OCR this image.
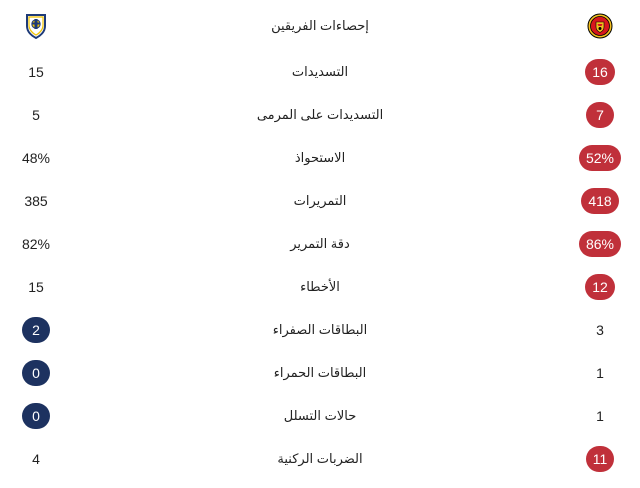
إحصاءات الفريقين
15	التسديدات	16
5	التسديدات على المرمى	7
48%	الاستحواذ	52%
385	التمريرات	418
82%	دقة التمرير	86%
15	الأخطاء	12
2	البطاقات الصفراء	3
0	البطاقات الحمراء	1
0	حالات التسلل	1
4	الضربات الركنية	11
